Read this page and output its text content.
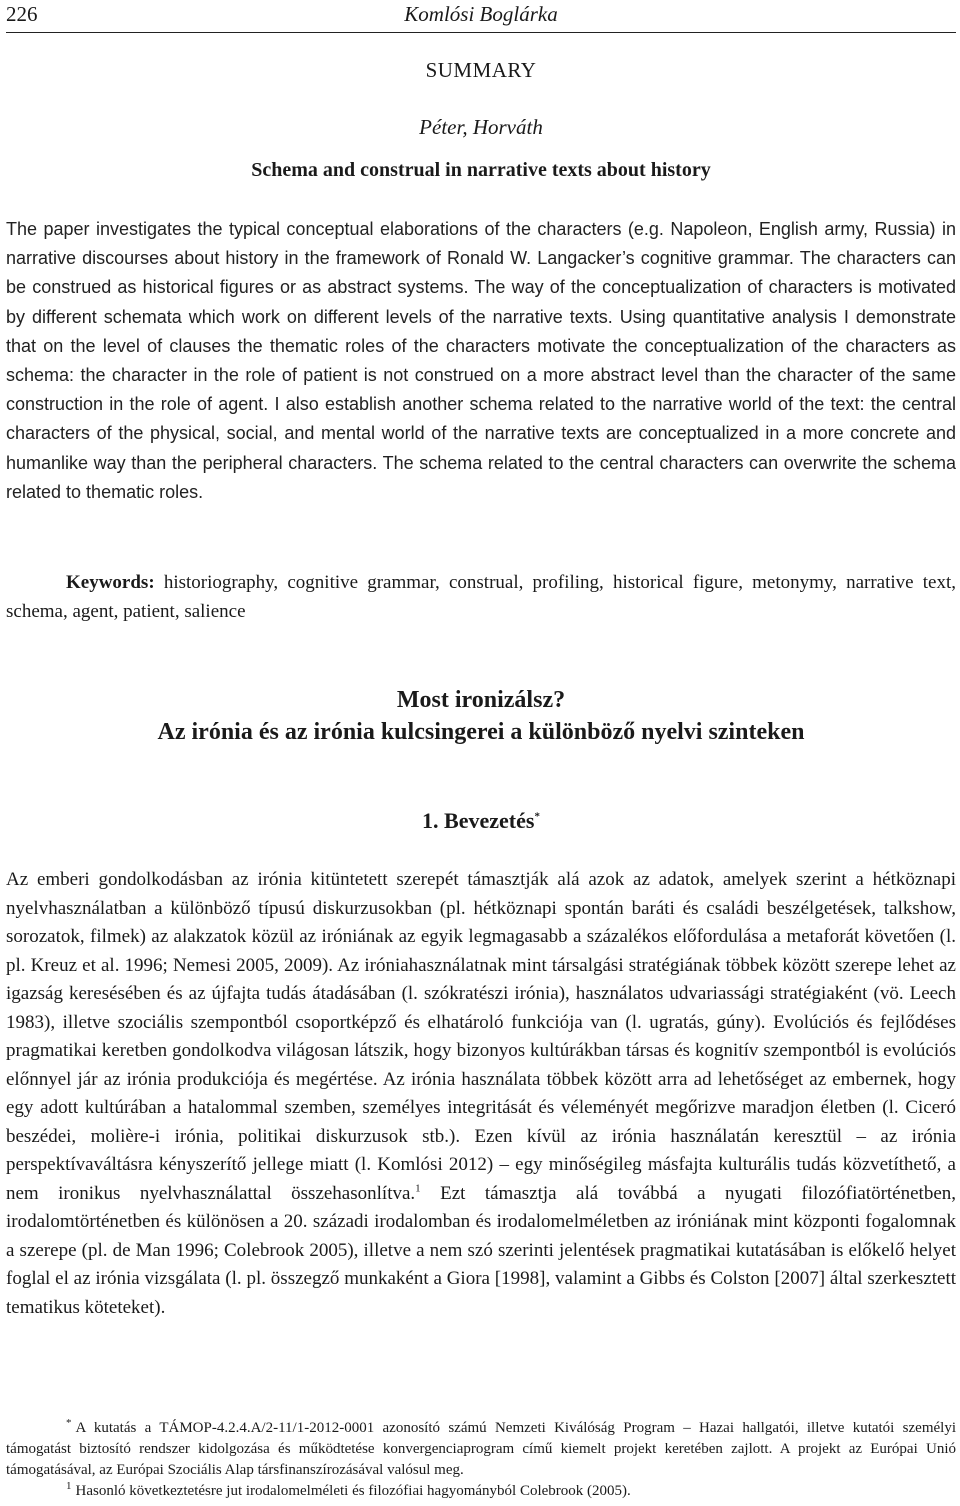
226	Komlósi Boglárka
SUMMARY
Péter, Horváth
Schema and construal in narrative texts about history

The paper investigates the typical conceptual elaborations of the characters (e.g. Napoleon, English army, Russia) in narrative discourses about history in the framework of Ronald W. Langacker’s cognitive grammar. The characters can be construed as historical figures or as abstract systems. The way of the conceptualization of characters is motivated by different schemata which work on different levels of the narrative texts. Using quantitative analysis I demonstrate that on the level of clauses the thematic roles of the characters motivate the conceptualization of the characters as schema: the character in the role of patient is not construed on a more abstract level than the character of the same construction in the role of agent. I also establish another schema related to the narrative world of the text: the central characters of the physical, social, and mental world of the narrative texts are conceptualized in a more concrete and humanlike way than the peripheral characters. The schema related to the central characters can overwrite the schema related to thematic roles.

Keywords: historiography, cognitive grammar, construal, profiling, historical figure, metonymy, narrative text, schema, agent, patient, salience

Most ironizálsz?
Az irónia és az irónia kulcsingerei a különböző nyelvi szinteken
1. Bevezetés*

Az emberi gondolkodásban az irónia kitüntetett szerepét támasztják alá azok az adatok, amelyek szerint a hétköznapi nyelvhasználatban a különböző típusú diskurzusokban (pl. hétköznapi spontán baráti és családi beszélgetések, talkshow, sorozatok, filmek) az alakzatok közül az iróniának az egyik legmagasabb a százalékos előfordulása a metaforát követően (l. pl. Kreuz et al. 1996; Nemesi 2005, 2009). Az iróniahasználatnak mint társalgási stratégiának többek között szerepe lehet az igazság keresésében és az újfajta tudás átadásában (l. szókratészi irónia), használatos udvariassági stratégiaként (vö. Leech 1983), illetve szociális szempontból csoportképző és elhatároló funkciója van (l. ugratás, gúny). Evolúciós és fejlődéses pragmatikai keretben gondolkodva világosan látszik, hogy bizonyos kultúrákban társas és kognitív szempontból is evolúciós előnnyel jár az irónia produkciója és megértése. Az irónia használata többek között arra ad lehetőséget az embernek, hogy egy adott kultúrában a hatalommal szemben, személyes integritását és véleményét megőrizve maradjon életben (l. Ciceró beszédei, molière-i irónia, politikai diskurzusok stb.). Ezen kívül az irónia használatán keresztül – az irónia perspektívaváltásra kényszerítő jellege miatt (l. Komlósi 2012) – egy minőségileg másfajta kulturális tudás közvetíthető, a nem ironikus nyelvhasználattal összehasonlítva.$^1$ Ezt támasztja alá továbbá a nyugati filozófiatörténetben, irodalomtörténetben és különösen a 20. századi irodalomban és irodalomelméletben az iróniának mint központi fogalomnak a szerepe (pl. de Man 1996; Colebrook 2005), illetve a nem szó szerinti jelentések pragmatikai kutatásában is előkelő helyet foglal el az irónia vizsgálata (l. pl. összegző munkaként a Giora [1998], valamint a Gibbs és Colston [2007] által szerkesztett tematikus köteteket).

* A kutatás a TÁMOP-4.2.4.A/2-11/1-2012-0001 azonosító számú Nemzeti Kiválóság Program – Hazai hallgatói, illetve kutatói személyi támogatást biztosító rendszer kidolgozása és működtetése konvergenciaprogram című kiemelt projekt keretében zajlott. A projekt az Európai Unió támogatásával, az Európai Szociális Alap társfinanszírozásával valósul meg.

$^1$ Hasonló következtetésre jut irodalomelméleti és filozófiai hagyományból Colebrook (2005).
